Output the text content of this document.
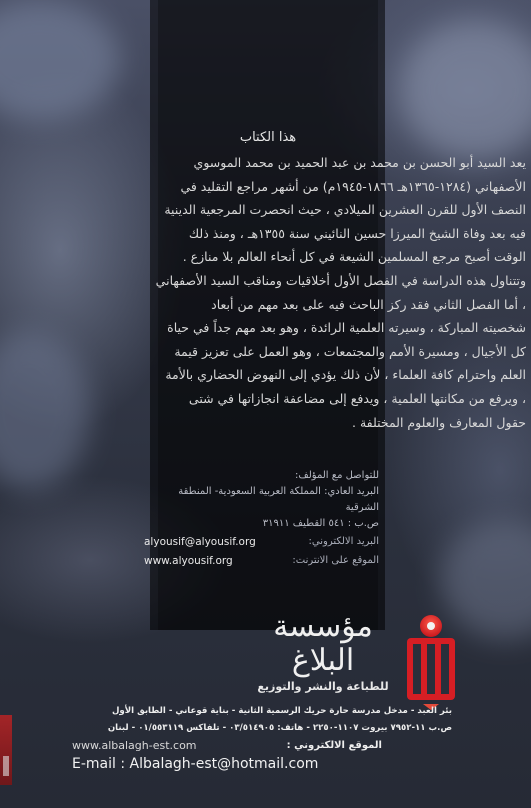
هذا الكتاب

يعد السيد أبو الحسن بن محمد بن عبد الحميد بن محمد الموسوي

الأصفهاني (١٢٨٤-١٣٦٥هـ ١٨٦٦-١٩٤٥م) من أشهر مراجع التقليد في

النصف الأول للقرن العشرين الميلادي ، حيث انحصرت المرجعية الدينية

فيه بعد وفاة الشيخ الميرزا حسين النائيني سنة ١٣٥٥هـ ، ومنذ ذلك

الوقت أصبح مرجع المسلمين الشيعة في كل أنحاء العالم بلا منازع .

وتتناول هذه الدراسة في الفصل الأول أخلاقيات ومناقب السيد الأصفهاني

، أما الفصل الثاني فقد ركز الباحث فيه على بعد مهم من أبعاد

شخصيته المباركة ، وسيرته العلمية الرائدة ، وهو بعد مهم جداً في حياة

كل الأجيال ، ومسيرة الأمم والمجتمعات ، وهو العمل على تعزيز قيمة

العلم واحترام كافة العلماء ، لأن ذلك يؤدي إلى النهوض الحضاري بالأمة

، ويرفع من مكانتها العلمية ، ويدفع إلى مضاعفة انجازاتها في شتى

حقول المعارف والعلوم المختلفة .

للتواصل مع المؤلف:
البريد العادي: المملكة العربية السعودية- المنطقة الشرقية
ص.ب : ٥٤١ القطيف ٣١٩١١
البريد الالكتروني:
alyousif@alyousif.org
الموقع على الانترنت:
www.alyousif.org
مؤسسة البلاغ
للطباعة والنشر والتوزيع
بئر العبد - مدخل مدرسة حارة حريك الرسمية الثانية - بناية قوعاني - الطابق الأول
ص.ب ١١-٧٩٥٢ بيروت ١١٠٧-٢٢٥٠ - هاتف: ٠٣/٥١٤٩٠٥ - تلفاكس ٠١/٥٥٣١١٩ - لبنان
www.albalagh-est.com	الموقع الالكتروني :
E-mail : Albalagh-est@hotmail.com
